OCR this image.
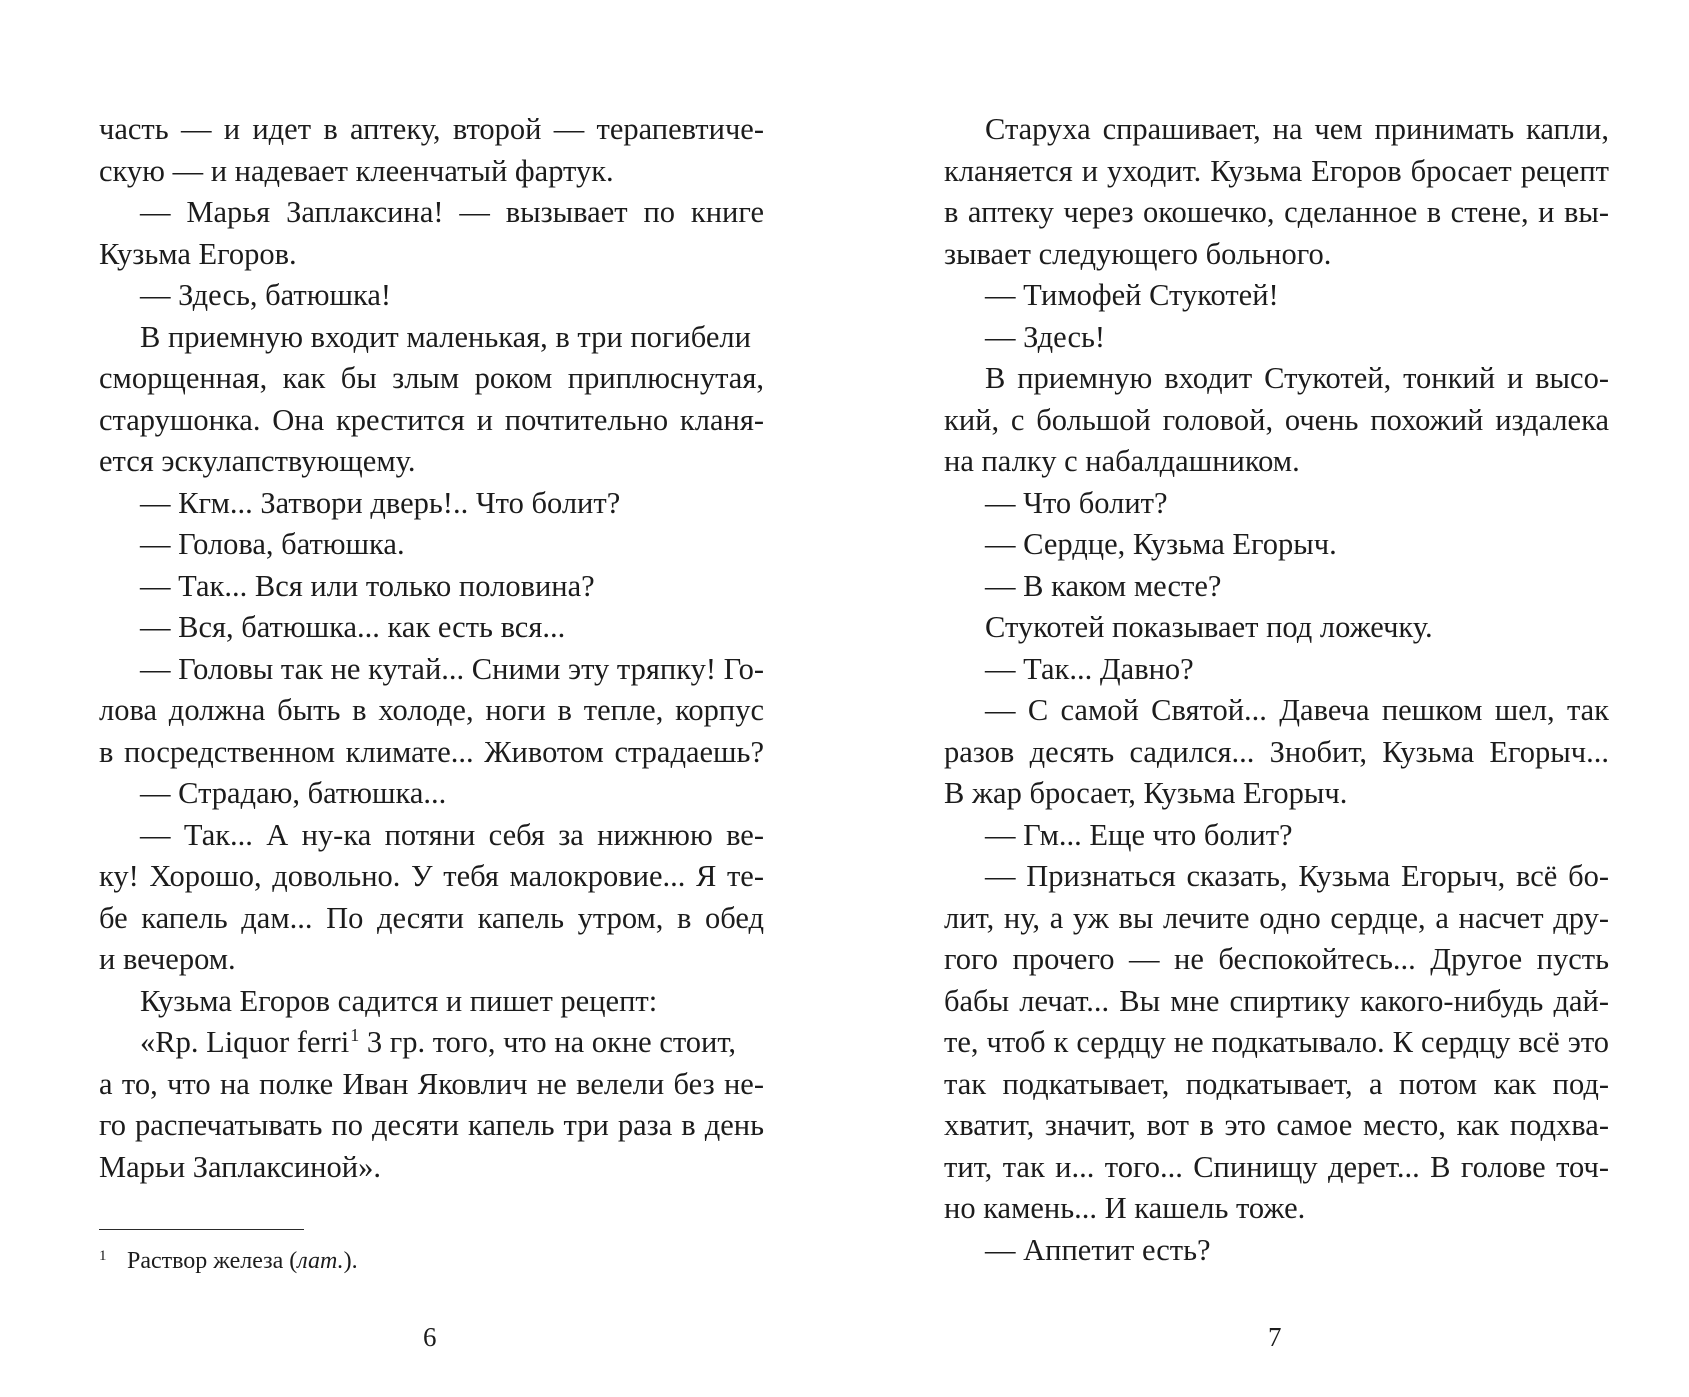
часть — и идет в аптеку, второй — терапевтиче-
скую — и надевает клеенчатый фартук.
— Марья Заплаксина! — вызывает по книге
Кузьма Егоров.
— Здесь, батюшка!
В приемную входит маленькая, в три погибели
сморщенная, как бы злым роком приплюснутая,
старушонка. Она крестится и почтительно кланя-
ется эскулапствующему.
— Кгм... Затвори дверь!.. Что болит?
— Голова, батюшка.
— Так... Вся или только половина?
— Вся, батюшка... как есть вся...
— Головы так не кутай... Сними эту тряпку! Го-
лова должна быть в холоде, ноги в тепле, корпус
в посредственном климате... Животом страдаешь?
— Страдаю, батюшка...
— Так... А ну-ка потяни себя за нижнюю ве-
ку! Хорошо, довольно. У тебя малокровие... Я те-
бе капель дам... По десяти капель утром, в обед
и вечером.
Кузьма Егоров садится и пишет рецепт:
«Rp. Liquor ferri$^1$ 3 гр. того, что на окне стоит,
а то, что на полке Иван Яковлич не велели без не-
го распечатывать по десяти капель три раза в день
Марьи Заплаксиной».
1 Раствор железа (лат.).
6
Старуха спрашивает, на чем принимать капли,
кланяется и уходит. Кузьма Егоров бросает рецепт
в аптеку через окошечко, сделанное в стене, и вы-
зывает следующего больного.
— Тимофей Стукотей!
— Здесь!
В приемную входит Стукотей, тонкий и высо-
кий, с большой головой, очень похожий издалека
на палку с набалдашником.
— Что болит?
— Сердце, Кузьма Егорыч.
— В каком месте?
Стукотей показывает под ложечку.
— Так... Давно?
— С самой Святой... Давеча пешком шел, так
разов десять садился... Знобит, Кузьма Егорыч...
В жар бросает, Кузьма Егорыч.
— Гм... Еще что болит?
— Признаться сказать, Кузьма Егорыч, всё бо-
лит, ну, а уж вы лечите одно сердце, а насчет дру-
гого прочего — не беспокойтесь... Другое пусть
бабы лечат... Вы мне спиртику какого-нибудь дай-
те, чтоб к сердцу не подкатывало. К сердцу всё это
так подкатывает, подкатывает, а потом как под-
хватит, значит, вот в это самое место, как подхва-
тит, так и... того... Спинищу дерет... В голове точ-
но камень... И кашель тоже.
— Аппетит есть?
7
